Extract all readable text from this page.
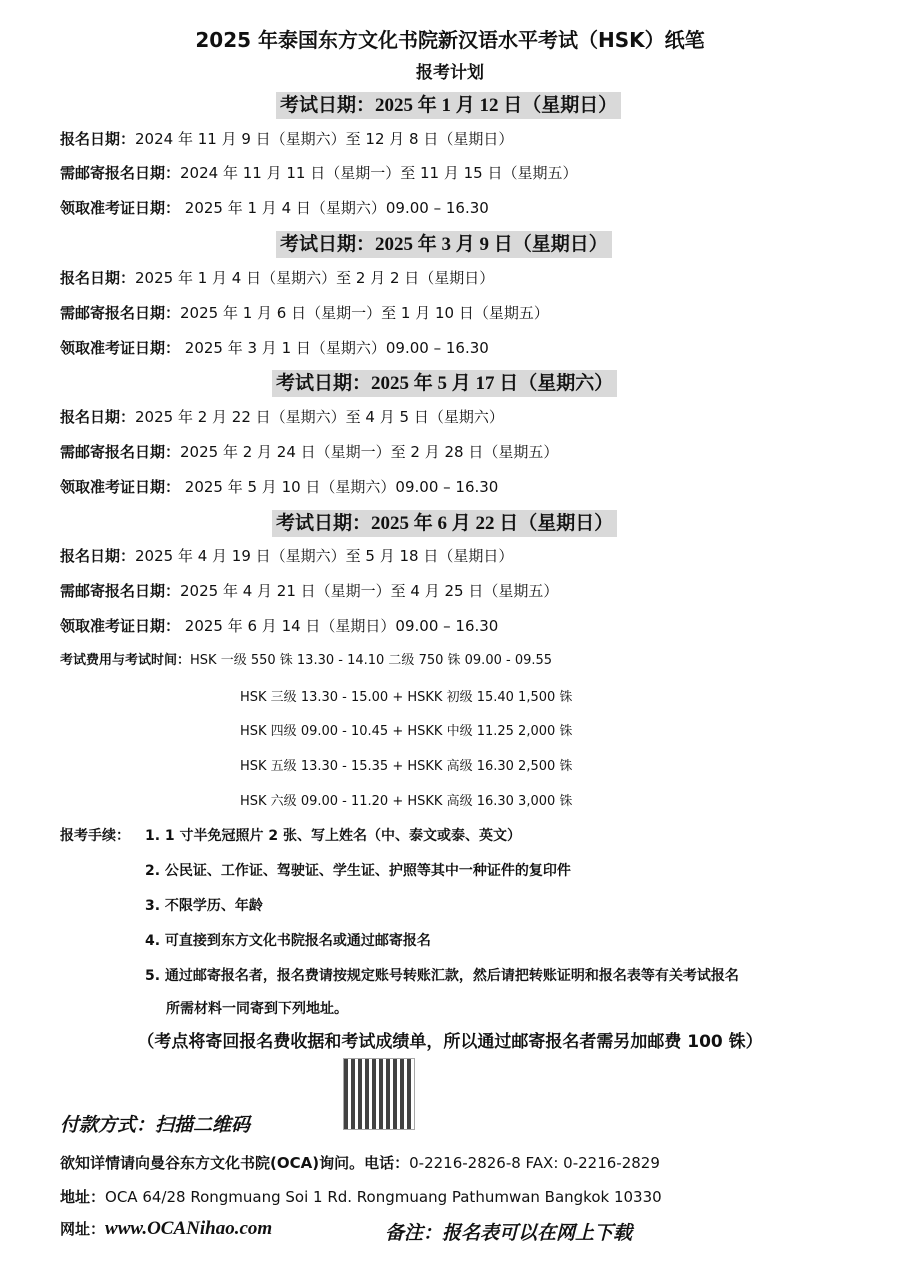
2025 年泰国东方文化书院新汉语水平考试（HSK）纸笔
报考计划
考试日期：2025 年 1 月 12 日（星期日）
报名日期：2024 年 11 月 9 日（星期六）至 12 月 8 日（星期日）
需邮寄报名日期：2024 年 11 月 11 日（星期一）至 11 月 15 日（星期五）
领取准考证日期： 2025 年 1 月 4 日（星期六）09.00 – 16.30
考试日期：2025 年 3 月 9 日（星期日）
报名日期：2025 年 1 月 4 日（星期六）至 2 月 2 日（星期日）
需邮寄报名日期：2025 年 1 月 6 日（星期一）至 1 月 10 日（星期五）
领取准考证日期： 2025 年 3 月 1 日（星期六）09.00 – 16.30
考试日期：2025 年 5 月 17 日（星期六）
报名日期：2025 年 2 月 22 日（星期六）至 4 月 5 日（星期六）
需邮寄报名日期：2025 年 2 月 24 日（星期一）至 2 月 28 日（星期五）
领取准考证日期： 2025 年 5 月 10 日（星期六）09.00 – 16.30
考试日期：2025 年 6 月 22 日（星期日）
报名日期：2025 年 4 月 19 日（星期六）至 5 月 18 日（星期日）
需邮寄报名日期：2025 年 4 月 21 日（星期一）至 4 月 25 日（星期五）
领取准考证日期： 2025 年 6 月 14 日（星期日）09.00 – 16.30
考试费用与考试时间：HSK 一级 550 铢 13.30 - 14.10 二级 750 铢 09.00 - 09.55
HSK 三级 13.30 - 15.00 + HSKK 初级 15.40 1,500 铢
HSK 四级 09.00 - 10.45 + HSKK 中级 11.25 2,000 铢
HSK 五级 13.30 - 15.35 + HSKK 高级 16.30 2,500 铢
HSK 六级 09.00 - 11.20 + HSKK 高级 16.30 3,000 铢
报考手续： 1. 1 寸半免冠照片 2 张、写上姓名（中、泰文或泰、英文）
2. 公民证、工作证、驾驶证、学生证、护照等其中一种证件的复印件
3. 不限学历、年龄
4. 可直接到东方文化书院报名或通过邮寄报名
5. 通过邮寄报名者，报名费请按规定账号转账汇款，然后请把转账证明和报名表等有关考试报名
所需材料一同寄到下列地址。
（考点将寄回报名费收据和考试成绩单，所以通过邮寄报名者需另加邮费 100 铢）
付款方式：扫描二维码
欲知详情请向曼谷东方文化书院(OCA)询问。电话：0-2216-2826-8 FAX: 0-2216-2829
地址：OCA 64/28 Rongmuang Soi 1 Rd. Rongmuang Pathumwan Bangkok 10330
网址：www.OCANihao.com	备注：报名表可以在网上下载
